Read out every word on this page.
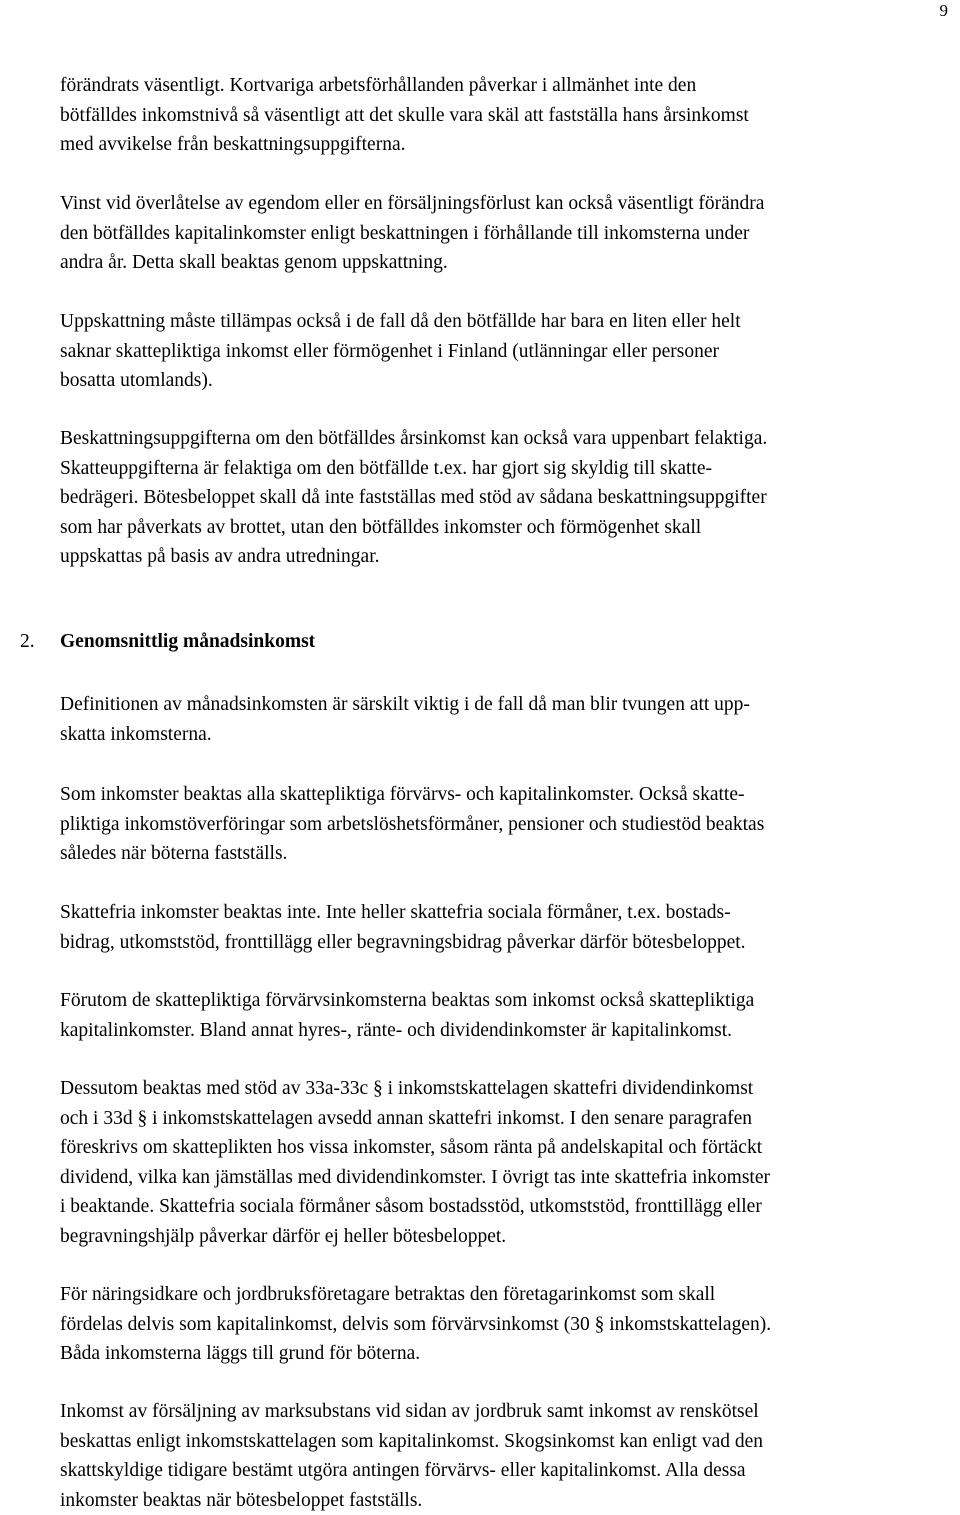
9

förändrats väsentligt. Kortvariga arbetsförhållanden påverkar i allmänhet inte den
bötfälldes inkomstnivå så väsentligt att det skulle vara skäl att fastställa hans årsinkomst
med avvikelse från beskattningsuppgifterna.

Vinst vid överlåtelse av egendom eller en försäljningsförlust kan också väsentligt förändra
den bötfälldes kapitalinkomster enligt beskattningen i förhållande till inkomsterna under
andra år. Detta skall beaktas genom uppskattning.

Uppskattning måste tillämpas också i de fall då den bötfällde har bara en liten eller helt
saknar skattepliktiga inkomst eller förmögenhet i Finland (utlänningar eller personer
bosatta utomlands).

Beskattningsuppgifterna om den bötfälldes årsinkomst kan också vara uppenbart felaktiga.
Skatteuppgifterna är felaktiga om den bötfällde t.ex. har gjort sig skyldig till skatte-
bedrägeri. Bötesbeloppet skall då inte fastställas med stöd av sådana beskattningsuppgifter
som har påverkats av brottet, utan den bötfälldes inkomster och förmögenhet skall
uppskattas på basis av andra utredningar.

2. Genomsnittlig månadsinkomst

Definitionen av månadsinkomsten är särskilt viktig i de fall då man blir tvungen att upp-
skatta inkomsterna.

Som inkomster beaktas alla skattepliktiga förvärvs- och kapitalinkomster. Också skatte-
pliktiga inkomstöverföringar som arbetslöshetsförmåner, pensioner och studiestöd beaktas
således när böterna fastställs.

Skattefria inkomster beaktas inte. Inte heller skattefria sociala förmåner, t.ex. bostads-
bidrag, utkomststöd, fronttillägg eller begravningsbidrag påverkar därför bötesbeloppet.

Förutom de skattepliktiga förvärvsinkomsterna beaktas som inkomst också skattepliktiga
kapitalinkomster. Bland annat hyres-, ränte- och dividendinkomster är kapitalinkomst.

Dessutom beaktas med stöd av 33a-33c § i inkomstskattelagen skattefri dividendinkomst
och i 33d § i inkomstskattelagen avsedd annan skattefri inkomst. I den senare paragrafen
föreskrivs om skatteplikten hos vissa inkomster, såsom ränta på andelskapital och förtäckt
dividend, vilka kan jämställas med dividendinkomster. I övrigt tas inte skattefria inkomster
i beaktande. Skattefria sociala förmåner såsom bostadsstöd, utkomststöd, fronttillägg eller
begravningshjälp påverkar därför ej heller bötesbeloppet.

För näringsidkare och jordbruksföretagare betraktas den företagarinkomst som skall
fördelas delvis som kapitalinkomst, delvis som förvärvsinkomst (30 § inkomstskattelagen).
Båda inkomsterna läggs till grund för böterna.

Inkomst av försäljning av marksubstans vid sidan av jordbruk samt inkomst av renskötsel
beskattas enligt inkomstskattelagen som kapitalinkomst. Skogsinkomst kan enligt vad den
skattskyldige tidigare bestämt utgöra antingen förvärvs- eller kapitalinkomst. Alla dessa
inkomster beaktas när bötesbeloppet fastställs.
